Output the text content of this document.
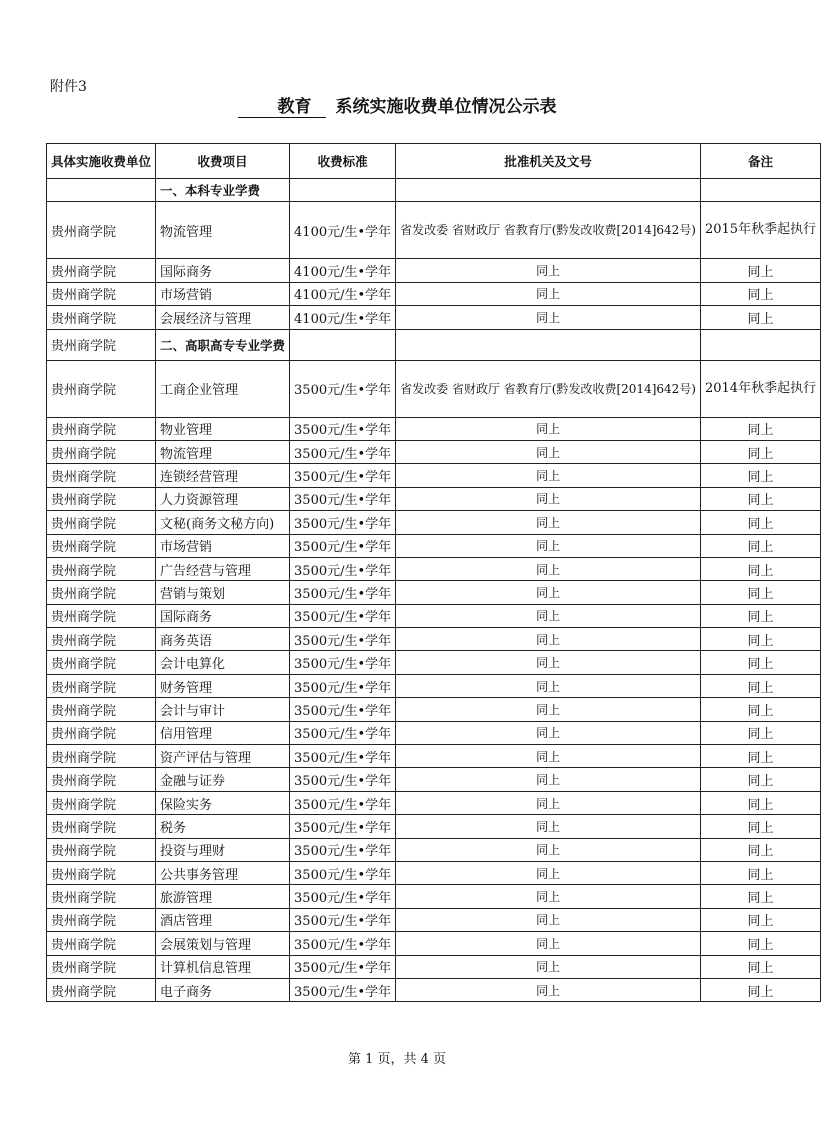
附件3
教育 系统实施收费单位情况公示表
具体实施收费单位	收费项目	收费标准	批准机关及文号	备注
	一、本科专业学费			
贵州商学院	物流管理	4100元/生•学年	省发改委 省财政厅 省教育厅(黔发改收费[2014]642号)	2015年秋季起执行
贵州商学院	国际商务	4100元/生•学年	同上	同上
贵州商学院	市场营销	4100元/生•学年	同上	同上
贵州商学院	会展经济与管理	4100元/生•学年	同上	同上
贵州商学院	二、高职高专专业学费			
贵州商学院	工商企业管理	3500元/生•学年	省发改委 省财政厅 省教育厅(黔发改收费[2014]642号)	2014年秋季起执行
贵州商学院	物业管理	3500元/生•学年	同上	同上
贵州商学院	物流管理	3500元/生•学年	同上	同上
贵州商学院	连锁经营管理	3500元/生•学年	同上	同上
贵州商学院	人力资源管理	3500元/生•学年	同上	同上
贵州商学院	文秘(商务文秘方向)	3500元/生•学年	同上	同上
贵州商学院	市场营销	3500元/生•学年	同上	同上
贵州商学院	广告经营与管理	3500元/生•学年	同上	同上
贵州商学院	营销与策划	3500元/生•学年	同上	同上
贵州商学院	国际商务	3500元/生•学年	同上	同上
贵州商学院	商务英语	3500元/生•学年	同上	同上
贵州商学院	会计电算化	3500元/生•学年	同上	同上
贵州商学院	财务管理	3500元/生•学年	同上	同上
贵州商学院	会计与审计	3500元/生•学年	同上	同上
贵州商学院	信用管理	3500元/生•学年	同上	同上
贵州商学院	资产评估与管理	3500元/生•学年	同上	同上
贵州商学院	金融与证券	3500元/生•学年	同上	同上
贵州商学院	保险实务	3500元/生•学年	同上	同上
贵州商学院	税务	3500元/生•学年	同上	同上
贵州商学院	投资与理财	3500元/生•学年	同上	同上
贵州商学院	公共事务管理	3500元/生•学年	同上	同上
贵州商学院	旅游管理	3500元/生•学年	同上	同上
贵州商学院	酒店管理	3500元/生•学年	同上	同上
贵州商学院	会展策划与管理	3500元/生•学年	同上	同上
贵州商学院	计算机信息管理	3500元/生•学年	同上	同上
贵州商学院	电子商务	3500元/生•学年	同上	同上
第 1 页，共 4 页
